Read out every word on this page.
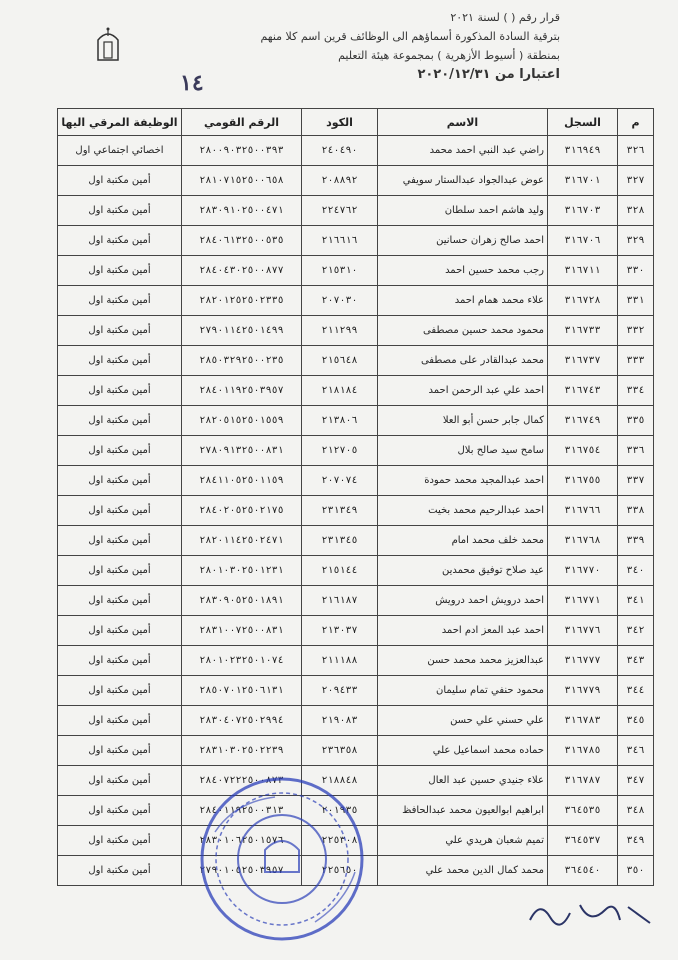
قرار رقم ( ) لسنة ٢٠٢١
بترقية السادة المذكورة أسماؤهم الى الوظائف قرين اسم كلا منهم
بمنطقة ( أسيوط الأزهرية ) بمجموعة هيئة التعليم
اعتبارا من ٢٠٢٠/١٢/٣١
١٤
م	السجل	الاسم	الكود	الرقم القومي	الوظيفة المرقي اليها
٣٢٦	٣١٦٩٤٩	راضي عبد النبي احمد محمد	٢٤٠٤٩٠	٢٨٠٠٩٠٣٢٥٠٠٣٩٣	اخصائي اجتماعي اول
٣٢٧	٣١٦٧٠١	عوض عبدالجواد عبدالستار سويفي	٢٠٨٨٩٢	٢٨١٠٧١٥٢٥٠٠٦٥٨	أمين مكتبة اول
٣٢٨	٣١٦٧٠٣	وليد هاشم احمد سلطان	٢٢٤٧٦٢	٢٨٣٠٩١٠٢٥٠٠٤٧١	أمين مكتبة اول
٣٢٩	٣١٦٧٠٦	احمد صالح زهران حسانين	٢١٦٦١٦	٢٨٤٠٦١٣٢٥٠٠٥٣٥	أمين مكتبة اول
٣٣٠	٣١٦٧١١	رجب محمد حسين احمد	٢١٥٣١٠	٢٨٤٠٤٣٠٢٥٠٠٨٧٧	أمين مكتبة اول
٣٣١	٣١٦٧٢٨	علاء محمد همام احمد	٢٠٧٠٣٠	٢٨٢٠١٢٥٢٥٠٢٣٣٥	أمين مكتبة اول
٣٣٢	٣١٦٧٣٣	محمود محمد حسين مصطفى	٢١١٢٩٩	٢٧٩٠١١٤٢٥٠١٤٩٩	أمين مكتبة اول
٣٣٣	٣١٦٧٣٧	محمد عبدالقادر على مصطفى	٢١٥٦٤٨	٢٨٥٠٣٢٩٢٥٠٠٢٣٥	أمين مكتبة اول
٣٣٤	٣١٦٧٤٣	احمد علي عبد الرحمن احمد	٢١٨١٨٤	٢٨٤٠١١٩٢٥٠٣٩٥٧	أمين مكتبة اول
٣٣٥	٣١٦٧٤٩	كمال جابر حسن أبو العلا	٢١٣٨٠٦	٢٨٢٠٥١٥٢٥٠١٥٥٩	أمين مكتبة اول
٣٣٦	٣١٦٧٥٤	سامح سيد صالح بلال	٢١٢٧٠٥	٢٧٨٠٩١٣٢٥٠٠٨٣١	أمين مكتبة اول
٣٣٧	٣١٦٧٥٥	احمد عبدالمجيد محمد حمودة	٢٠٧٠٧٤	٢٨٤١١٠٥٢٥٠١١٥٩	أمين مكتبة اول
٣٣٨	٣١٦٧٦٦	احمد عبدالرحيم محمد بخيت	٢٣١٣٤٩	٢٨٤٠٢٠٥٢٥٠٢١٧٥	أمين مكتبة اول
٣٣٩	٣١٦٧٦٨	محمد خلف محمد امام	٢٣١٣٤٥	٢٨٢٠١١٤٢٥٠٢٤٧١	أمين مكتبة اول
٣٤٠	٣١٦٧٧٠	عيد صلاح توفيق محمدين	٢١٥١٤٤	٢٨٠١٠٣٠٢٥٠١٢٣١	أمين مكتبة اول
٣٤١	٣١٦٧٧١	احمد درويش احمد درويش	٢١٦١٨٧	٢٨٣٠٩٠٥٢٥٠١٨٩١	أمين مكتبة اول
٣٤٢	٣١٦٧٧٦	احمد عبد المعز ادم احمد	٢١٣٠٣٧	٢٨٣١٠٠٧٢٥٠٠٨٣١	أمين مكتبة اول
٣٤٣	٣١٦٧٧٧	عبدالعزيز محمد محمد حسن	٢١١١٨٨	٢٨٠١٠٢٣٢٥٠١٠٧٤	أمين مكتبة اول
٣٤٤	٣١٦٧٧٩	محمود حنفي تمام سليمان	٢٠٩٤٣٣	٢٨٥٠٧٠١٢٥٠٦١٣١	أمين مكتبة اول
٣٤٥	٣١٦٧٨٣	علي حسني علي حسن	٢١٩٠٨٣	٢٨٣٠٤٠٧٢٥٠٢٩٩٤	أمين مكتبة اول
٣٤٦	٣١٦٧٨٥	حماده محمد اسماعيل علي	٢٣٦٣٥٨	٢٨٣١٠٣٠٢٥٠٢٢٣٩	أمين مكتبة اول
٣٤٧	٣١٦٧٨٧	علاء جنيدي حسين عبد العال	٢١٨٨٤٨	٢٨٤٠٧٢٢٢٥٠٠٨٧٣	أمين مكتبة اول
٣٤٨	٣٦٤٥٣٥	ابراهيم ابوالعيون محمد عبدالحافظ	٢٠١٩٣٥	٢٨٤٠١١٩٢٥٠٠٣١٣	أمين مكتبة اول
٣٤٩	٣٦٤٥٣٧	تميم شعبان هريدي علي	٢٢٥٣٠٨	٢٨٣٠١٠٦٢٥٠١٥٧٦	أمين مكتبة اول
٣٥٠	٣٦٤٥٤٠	محمد كمال الدين محمد علي	٢٢٥٦٥٠	٢٧٩٠١٠٥٢٥٠٣٩٥٧	أمين مكتبة اول
